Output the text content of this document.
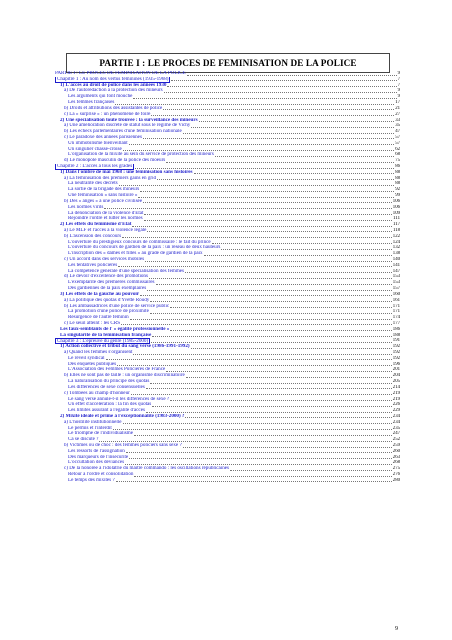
PARTIE I : LE PROCES DE FEMINISATION DE LA POLICE
PARTIE I : LE PROCES DE FEMINISATION DE LA POLICE	9
Chapitre 1 : Au nom des vertus féminines (1935-1968)	7
1) L'accès au droit de police dans les années 1930	7
a) De l'autorédaction à la protection des mineurs	9
Les arguments qui font mouche	9
Les femmes françaises	17
b) Droits et attributions des assistantes de police	21
c) La « surprise » : un phénomène de foire	27
2) Une spécialisation toute trouvée : la surveillance des mineurs	33
a) Une amélioration discrète de statut sous le régime de Vichy	35
b) Les échecs parlementaires d'une féminisation nationale	47
c) Le paradoxe des années parisiennes	57
Un immobilisme bienveillant	57
Un singulier chassé-croisé	62
L'organisation de la mixité au sein du service de protection des mineurs	68
d) Le monopole masculin de la police des moeurs	75
Chapitre 2 : L'accès à tous les grades	86
1) Dans l'ombre de mai 1968 : une féminisation sans histoires	88
a) La féminisation des premiers gains en grid	88
La neutralité des décrets	88
La sortie de la brigade des mineurs	92
Une féminisation « sans histoire »	99
b) Des « anges » à une police civilisée	106
Les normes virils	106
La dénonciation de la violence d'Etat	109
Rejoindre l'ordre et lutter les normes	111
2) Les effets du féminisme d'Etat	117
a) Le MLF et l'accès à la violence légale	118
b) L'ascension des concours	122
L'ouverture du prestigieux concours de commissaire : le fait du prince	124
L'ouverture du concours de gardien de la paix : un réseau de deux hauteurs	132
L'inscription des « dames et filles » au grade de gardien de la paix	138
c) Un accord dans des services mobiles	140
Les tentatives policières	141
La compétence générale d'une spécialisation des femmes	147
d) Le devoir d'excellence des promotions	153
L'exemplarité des premières commissaires	153
Des gardiennes de la paix exemplaires	157
3) Les effets de la gauche au pouvoir	160
a) La politique des quotas d'Yvette Roudy	161
b) Les ambassadrices d'une police de service public	171
La promotion d'une police de proximité	171
Résurgence de l'autre féminin	174
c) Le seuil atteint : les CRS	177
Les faux-semblants de l' « égalité professionnelle »	186
La singularité de la féminisation française	188
Chapitre 3 : L'épreuve du genre (1985-2000)	191
1) Action collective et tribut du sang versé (1986-1991-1992)	192
a) Quand les femmes s'organisent	192
Le réveil syndical	192
Des enquêtes publiques	196
L'Association des Femmes Policières de France	201
b) Elles ne sont pas de taille : un organisme discriminatoire	204
La naturalisation du principe des quotas	205
Les différences de sexe consensuelles	214
c) Tombées au champ d'honneur	219
Le sang versé annule-t-il les différences de sexe ?	219
Un effet d'accélération : la fin des quotas	226
Les limites assurant à l'égalité d'accès	229
2) Mixité idéale et prime à l'exceptionnalité (1983-2000) ?	234
a) L'hostilité institutionnelle	234
Le permis et l'interdit	235
Le triomphe de l'individualisme	247
Ca se discute ?	252
b) Victimes ou de choc : des femmes policiers sans sexe ?	259
Les ressorts de l'assignation	260
Des marqueurs de l'insécurité	263
L'occultation des déviances	268
c) De la honorée à l'idolâtrie du maître commando : les oscillations républicaines	275
Retour à l'ordre et consolidation	276
Le temps des mixités ?	280
9
